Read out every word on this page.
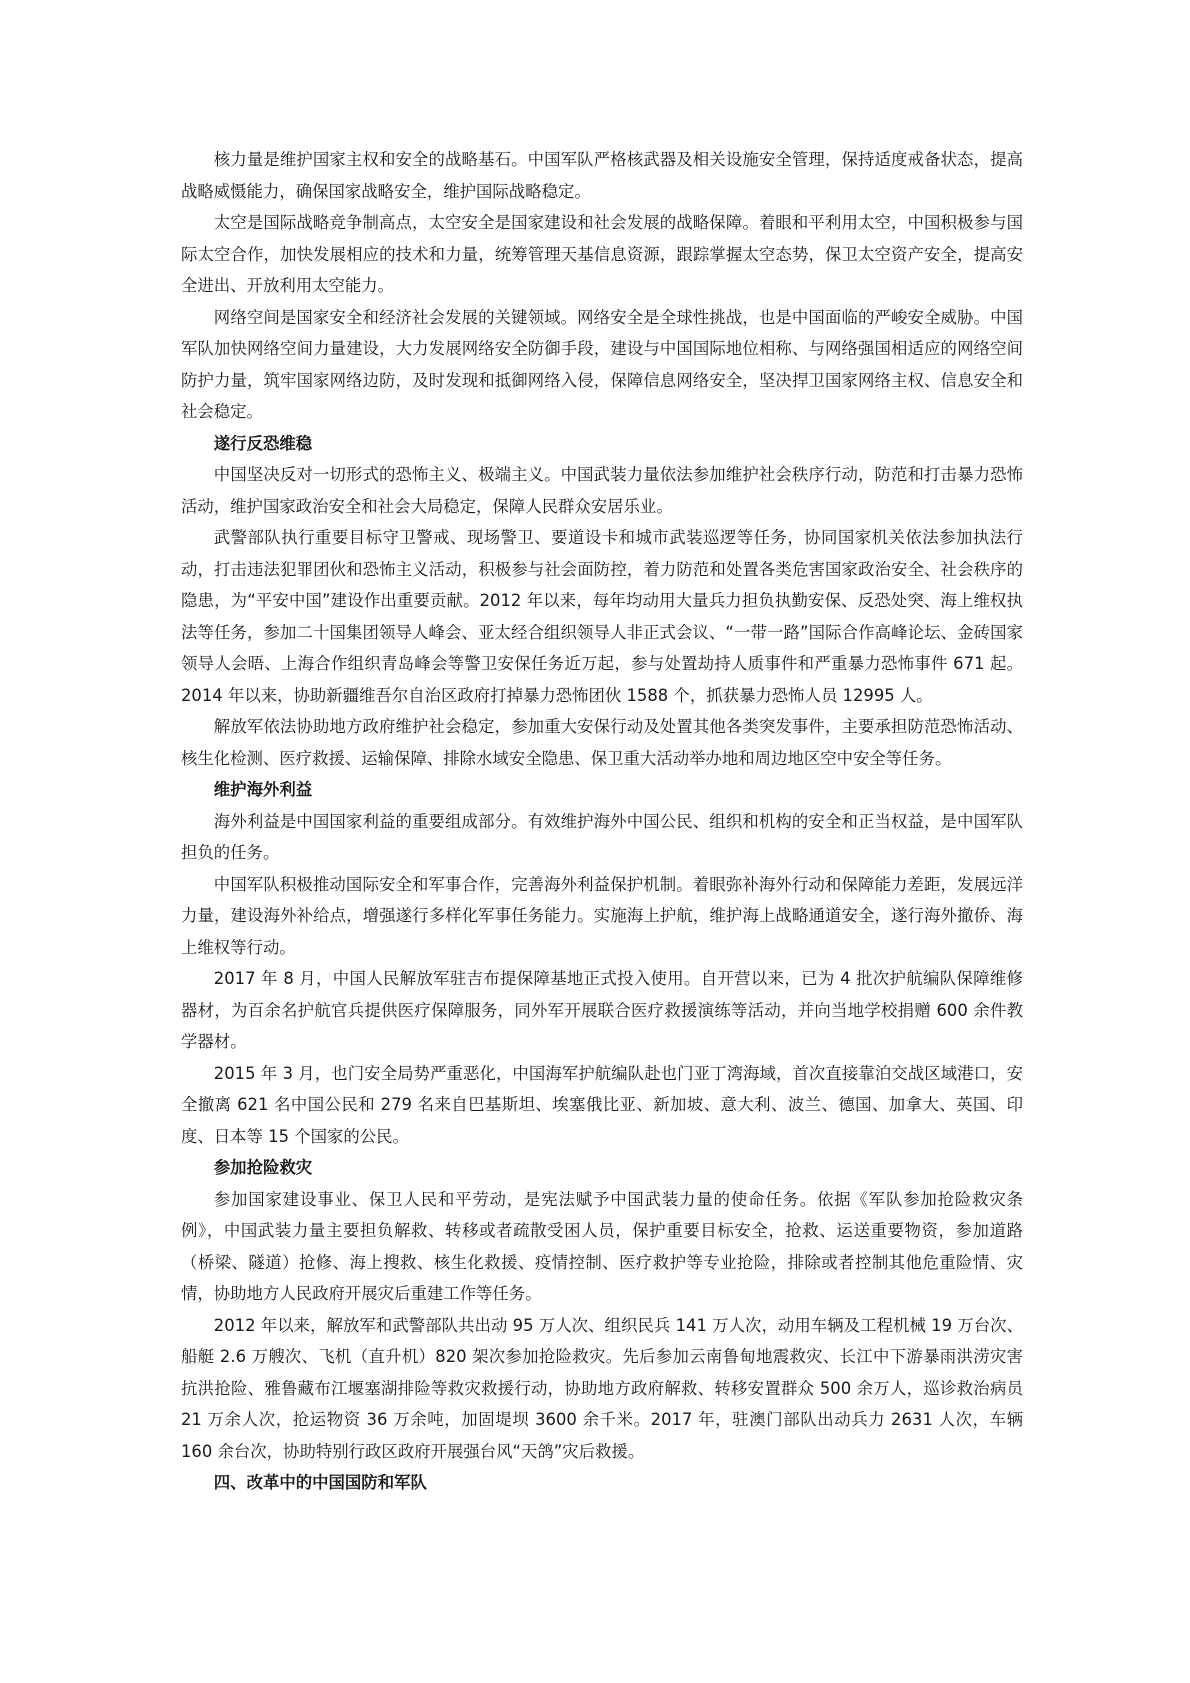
核力量是维护国家主权和安全的战略基石。中国军队严格核武器及相关设施安全管理，保持适度戒备状态，提高战略威慑能力，确保国家战略安全，维护国际战略稳定。

太空是国际战略竞争制高点，太空安全是国家建设和社会发展的战略保障。着眼和平利用太空，中国积极参与国际太空合作，加快发展相应的技术和力量，统筹管理天基信息资源，跟踪掌握太空态势，保卫太空资产安全，提高安全进出、开放利用太空能力。

网络空间是国家安全和经济社会发展的关键领域。网络安全是全球性挑战，也是中国面临的严峻安全威胁。中国军队加快网络空间力量建设，大力发展网络安全防御手段，建设与中国国际地位相称、与网络强国相适应的网络空间防护力量，筑牢国家网络边防，及时发现和抵御网络入侵，保障信息网络安全，坚决捍卫国家网络主权、信息安全和社会稳定。

遂行反恐维稳

中国坚决反对一切形式的恐怖主义、极端主义。中国武装力量依法参加维护社会秩序行动，防范和打击暴力恐怖活动，维护国家政治安全和社会大局稳定，保障人民群众安居乐业。

武警部队执行重要目标守卫警戒、现场警卫、要道设卡和城市武装巡逻等任务，协同国家机关依法参加执法行动，打击违法犯罪团伙和恐怖主义活动，积极参与社会面防控，着力防范和处置各类危害国家政治安全、社会秩序的隐患，为“平安中国”建设作出重要贡献。2012 年以来，每年均动用大量兵力担负执勤安保、反恐处突、海上维权执法等任务，参加二十国集团领导人峰会、亚太经合组织领导人非正式会议、“一带一路”国际合作高峰论坛、金砖国家领导人会晤、上海合作组织青岛峰会等警卫安保任务近万起，参与处置劫持人质事件和严重暴力恐怖事件 671 起。2014 年以来，协助新疆维吾尔自治区政府打掉暴力恐怖团伙 1588 个，抓获暴力恐怖人员 12995 人。

解放军依法协助地方政府维护社会稳定，参加重大安保行动及处置其他各类突发事件，主要承担防范恐怖活动、核生化检测、医疗救援、运输保障、排除水域安全隐患、保卫重大活动举办地和周边地区空中安全等任务。

维护海外利益

海外利益是中国国家利益的重要组成部分。有效维护海外中国公民、组织和机构的安全和正当权益，是中国军队担负的任务。

中国军队积极推动国际安全和军事合作，完善海外利益保护机制。着眼弥补海外行动和保障能力差距，发展远洋力量，建设海外补给点，增强遂行多样化军事任务能力。实施海上护航，维护海上战略通道安全，遂行海外撤侨、海上维权等行动。

2017 年 8 月，中国人民解放军驻吉布提保障基地正式投入使用。自开营以来，已为 4 批次护航编队保障维修器材，为百余名护航官兵提供医疗保障服务，同外军开展联合医疗救援演练等活动，并向当地学校捐赠 600 余件教学器材。

2015 年 3 月，也门安全局势严重恶化，中国海军护航编队赴也门亚丁湾海域，首次直接靠泊交战区域港口，安全撤离 621 名中国公民和 279 名来自巴基斯坦、埃塞俄比亚、新加坡、意大利、波兰、德国、加拿大、英国、印度、日本等 15 个国家的公民。

参加抢险救灾

参加国家建设事业、保卫人民和平劳动，是宪法赋予中国武装力量的使命任务。依据《军队参加抢险救灾条例》，中国武装力量主要担负解救、转移或者疏散受困人员，保护重要目标安全，抢救、运送重要物资，参加道路（桥梁、隧道）抢修、海上搜救、核生化救援、疫情控制、医疗救护等专业抢险，排除或者控制其他危重险情、灾情，协助地方人民政府开展灾后重建工作等任务。

2012 年以来，解放军和武警部队共出动 95 万人次、组织民兵 141 万人次，动用车辆及工程机械 19 万台次、船艇 2.6 万艘次、飞机（直升机）820 架次参加抢险救灾。先后参加云南鲁甸地震救灾、长江中下游暴雨洪涝灾害抗洪抢险、雅鲁藏布江堰塞湖排险等救灾救援行动，协助地方政府解救、转移安置群众 500 余万人，巡诊救治病员 21 万余人次，抢运物资 36 万余吨，加固堤坝 3600 余千米。2017 年，驻澳门部队出动兵力 2631 人次，车辆 160 余台次，协助特别行政区政府开展强台风“天鸽”灾后救援。

四、改革中的中国国防和军队
